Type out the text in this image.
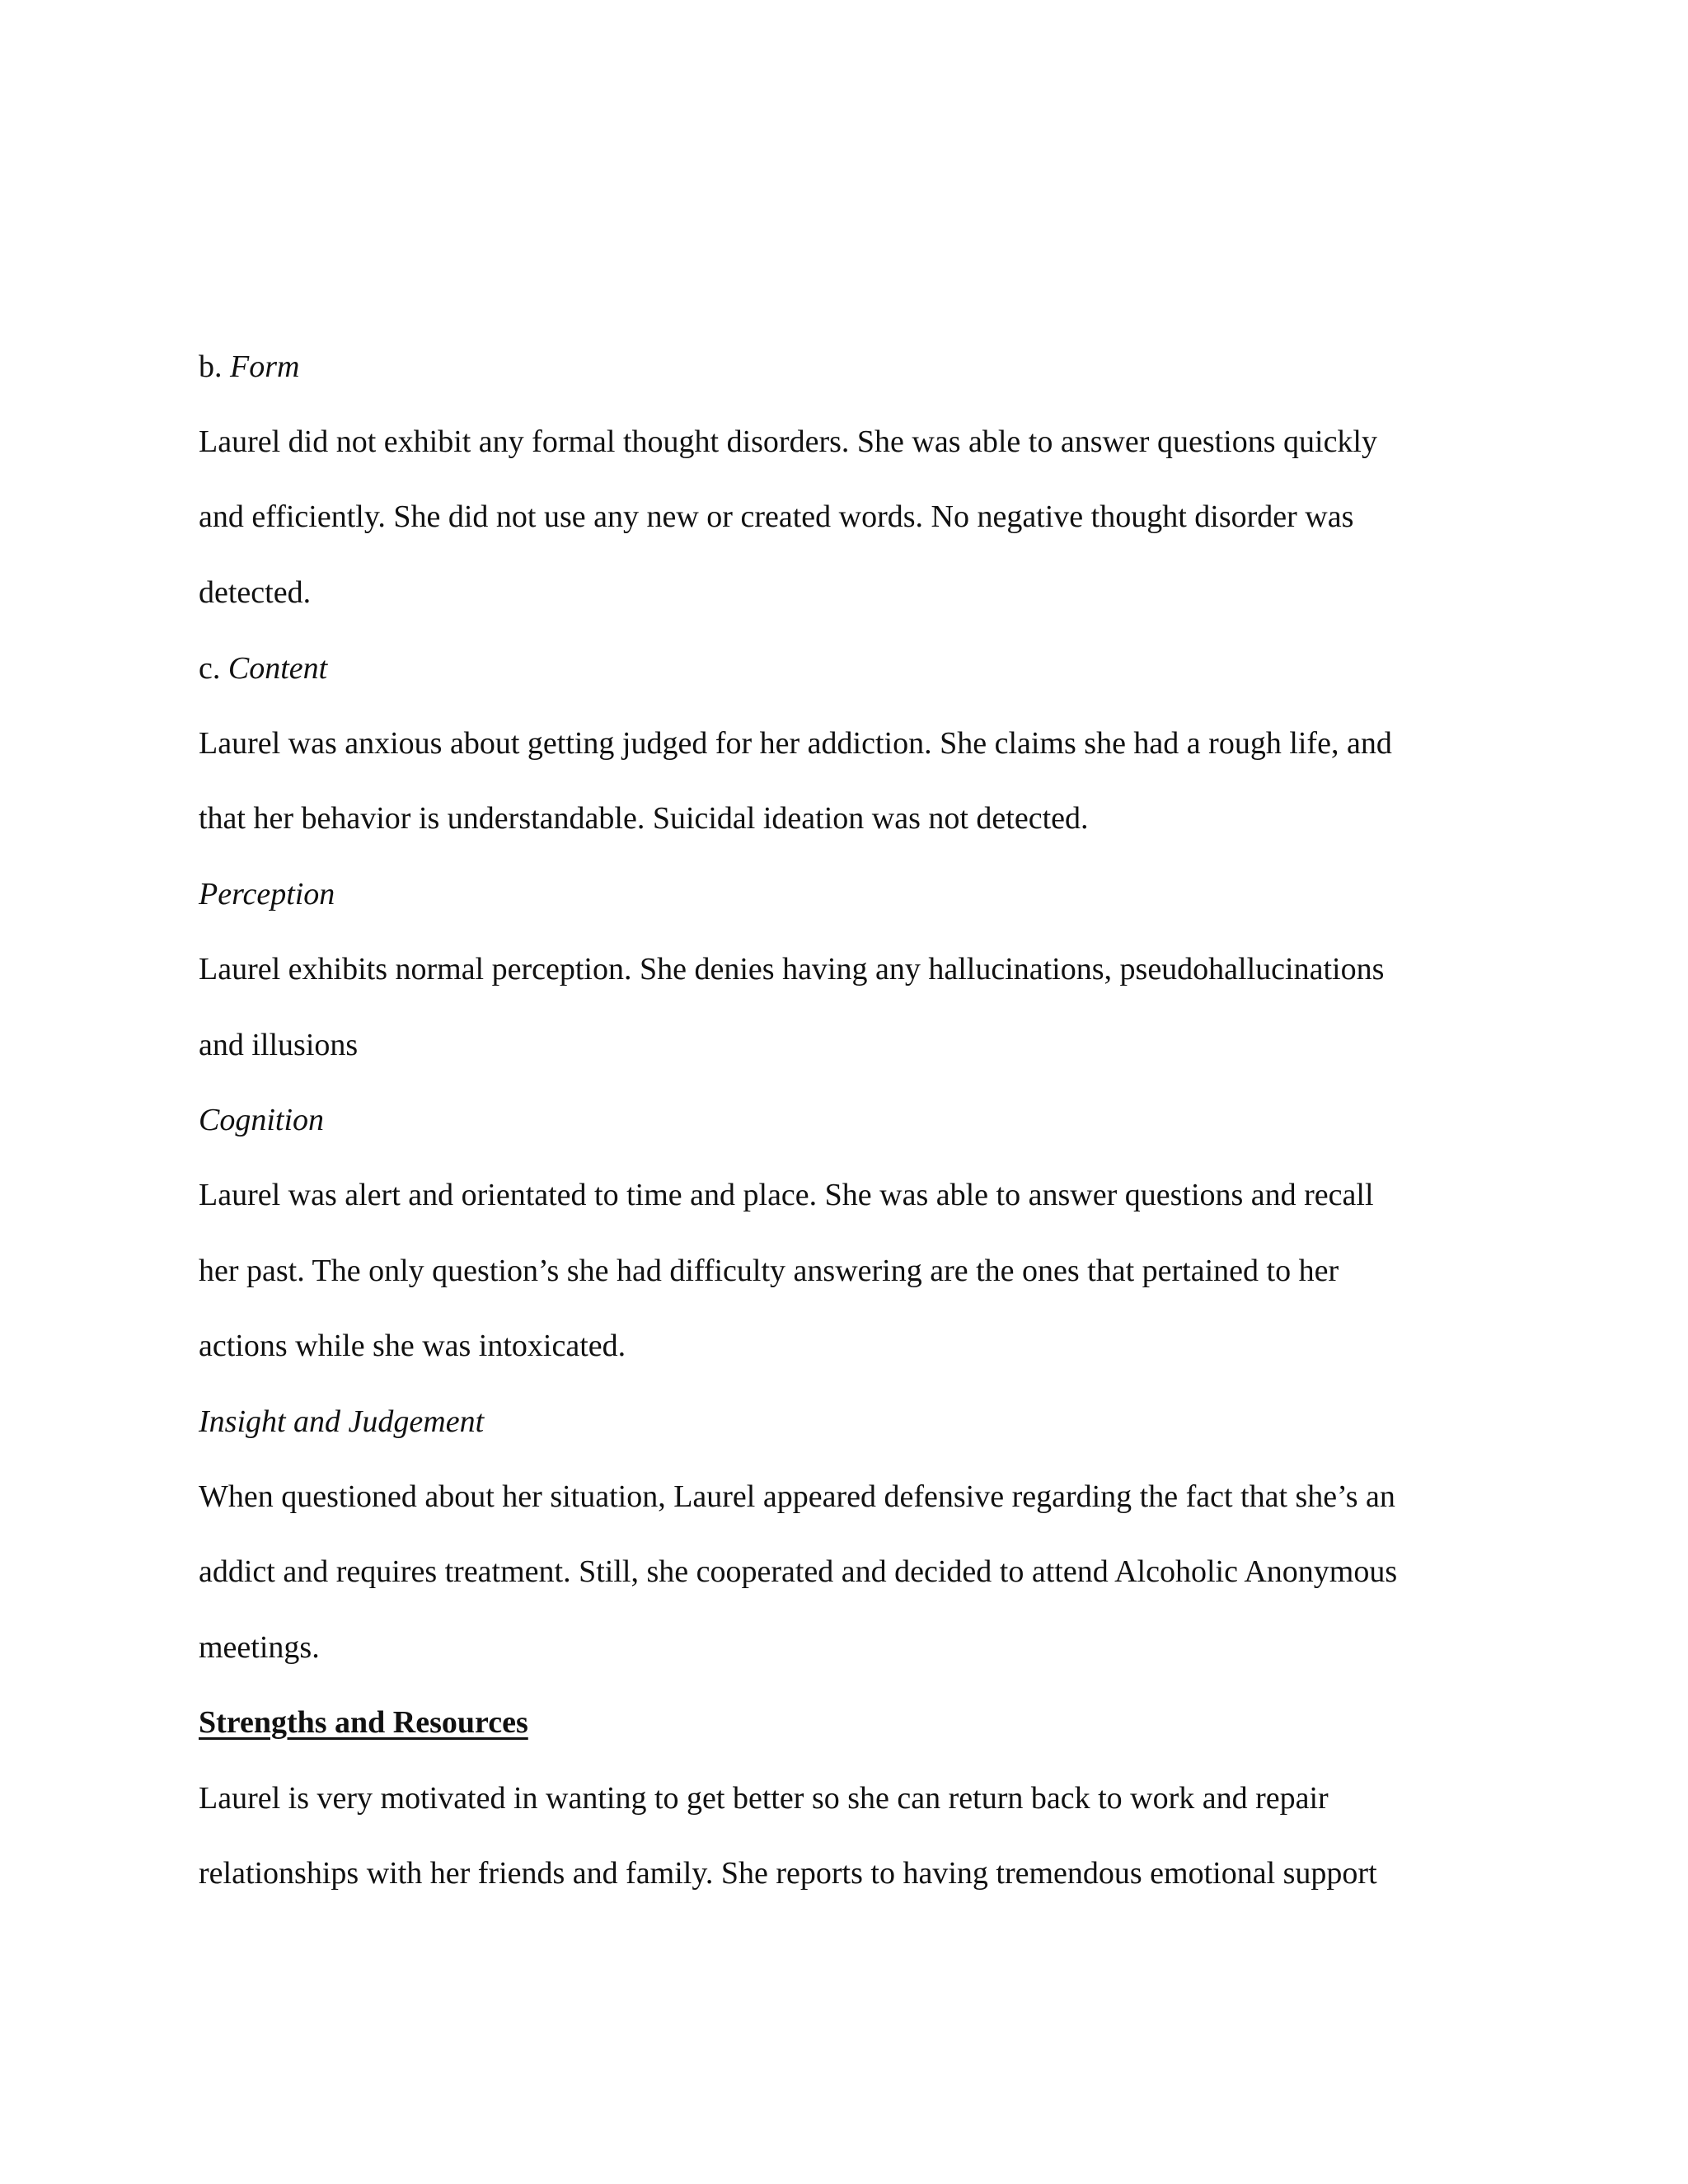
b. Form
Laurel did not exhibit any formal thought disorders. She was able to answer questions quickly
and efficiently. She did not use any new or created words. No negative thought disorder was
detected.
c. Content
Laurel was anxious about getting judged for her addiction. She claims she had a rough life, and
that her behavior is understandable. Suicidal ideation was not detected.
Perception
Laurel exhibits normal perception. She denies having any hallucinations, pseudohallucinations
and illusions
Cognition
Laurel was alert and orientated to time and place. She was able to answer questions and recall
her past. The only question’s she had difficulty answering are the ones that pertained to her
actions while she was intoxicated.
Insight and Judgement
When questioned about her situation, Laurel appeared defensive regarding the fact that she’s an
addict and requires treatment. Still, she cooperated and decided to attend Alcoholic Anonymous
meetings.
Strengths and Resources
Laurel is very motivated in wanting to get better so she can return back to work and repair
relationships with her friends and family. She reports to having tremendous emotional support
